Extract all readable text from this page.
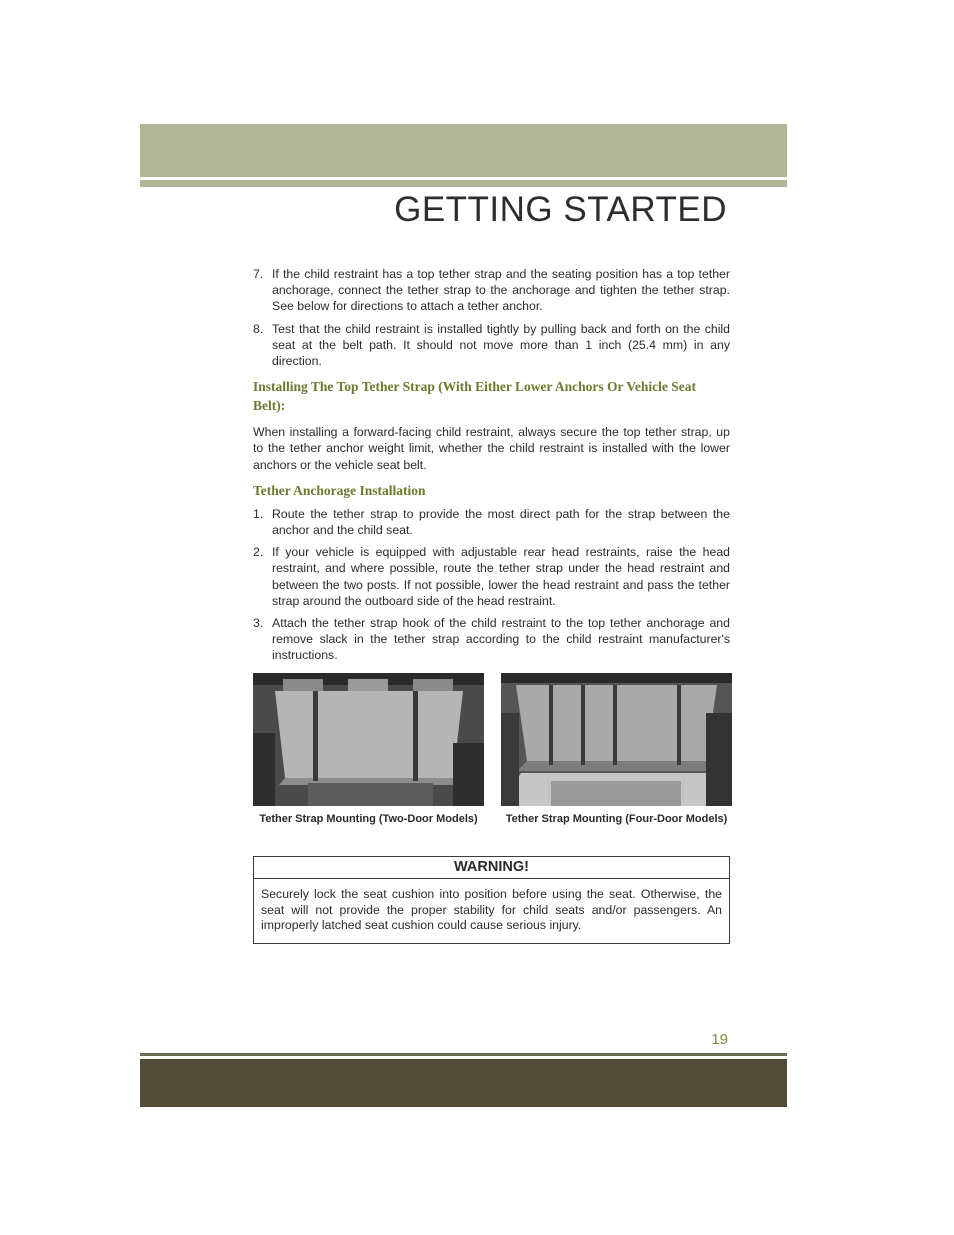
GETTING STARTED
7. If the child restraint has a top tether strap and the seating position has a top tether anchorage, connect the tether strap to the anchorage and tighten the tether strap. See below for directions to attach a tether anchor.
8. Test that the child restraint is installed tightly by pulling back and forth on the child seat at the belt path. It should not move more than 1 inch (25.4 mm) in any direction.
Installing The Top Tether Strap (With Either Lower Anchors Or Vehicle Seat Belt):

When installing a forward-facing child restraint, always secure the top tether strap, up to the tether anchor weight limit, whether the child restraint is installed with the lower anchors or the vehicle seat belt.

Tether Anchorage Installation
1. Route the tether strap to provide the most direct path for the strap between the anchor and the child seat.
2. If your vehicle is equipped with adjustable rear head restraints, raise the head restraint, and where possible, route the tether strap under the head restraint and between the two posts. If not possible, lower the head restraint and pass the tether strap around the outboard side of the head restraint.
3. Attach the tether strap hook of the child restraint to the top tether anchorage and remove slack in the tether strap according to the child restraint manufacturer's instructions.
Tether Strap Mounting (Two-Door Models)	Tether Strap Mounting (Four-Door Models)
WARNING!
Securely lock the seat cushion into position before using the seat. Otherwise, the seat will not provide the proper stability for child seats and/or passengers. An improperly latched seat cushion could cause serious injury.
19
